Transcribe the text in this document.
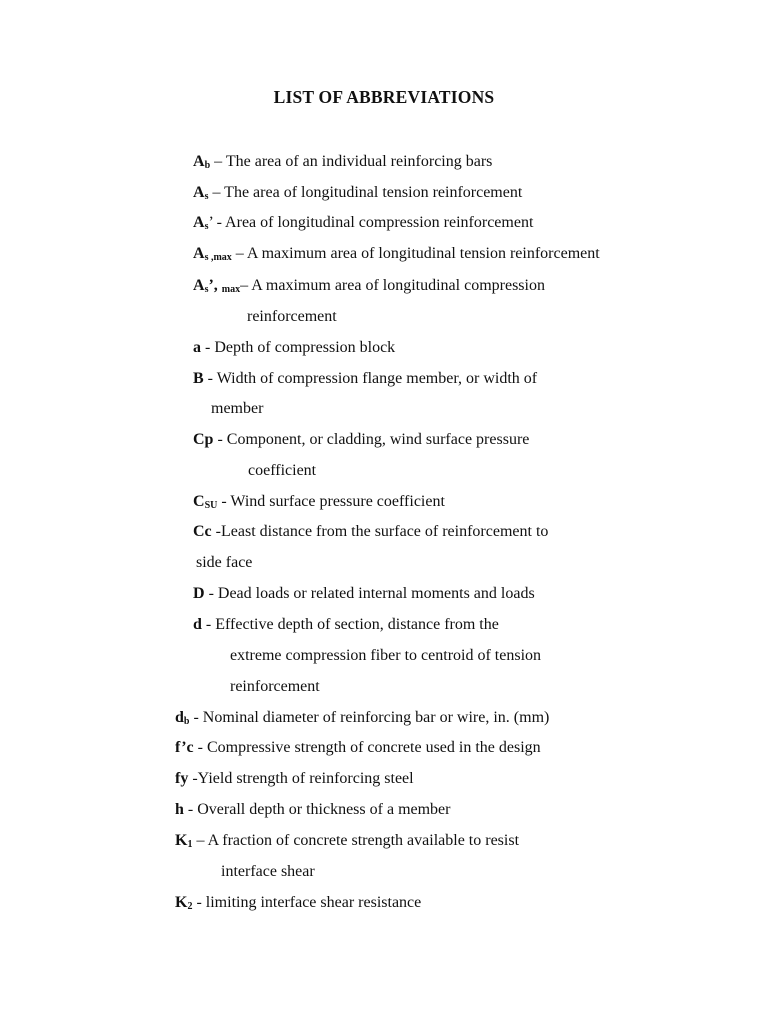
LIST OF ABBREVIATIONS
$A_b$ – The area of an individual reinforcing bars
$A_s$ – The area of longitudinal tension reinforcement
$A_s$’ - Area of longitudinal compression reinforcement
$A_{s ,max}$ – A maximum area of longitudinal tension reinforcement
$A_s$’, $_{max}$– A maximum area of longitudinal compression
reinforcement
a - Depth of compression block
B - Width of compression flange member, or width of
member
Cp - Component, or cladding, wind surface pressure
coefficient
$C_{SU}$ - Wind surface pressure coefficient
Cc -Least distance from the surface of reinforcement to
side face
D - Dead loads or related internal moments and loads
d - Effective depth of section, distance from the
extreme compression fiber to centroid of tension
reinforcement
$d_b$ - Nominal diameter of reinforcing bar or wire, in. (mm)
f’c - Compressive strength of concrete used in the design
fy -Yield strength of reinforcing steel
h - Overall depth or thickness of a member
$K_1$ – A fraction of concrete strength available to resist
interface shear
$K_2$ - limiting interface shear resistance
